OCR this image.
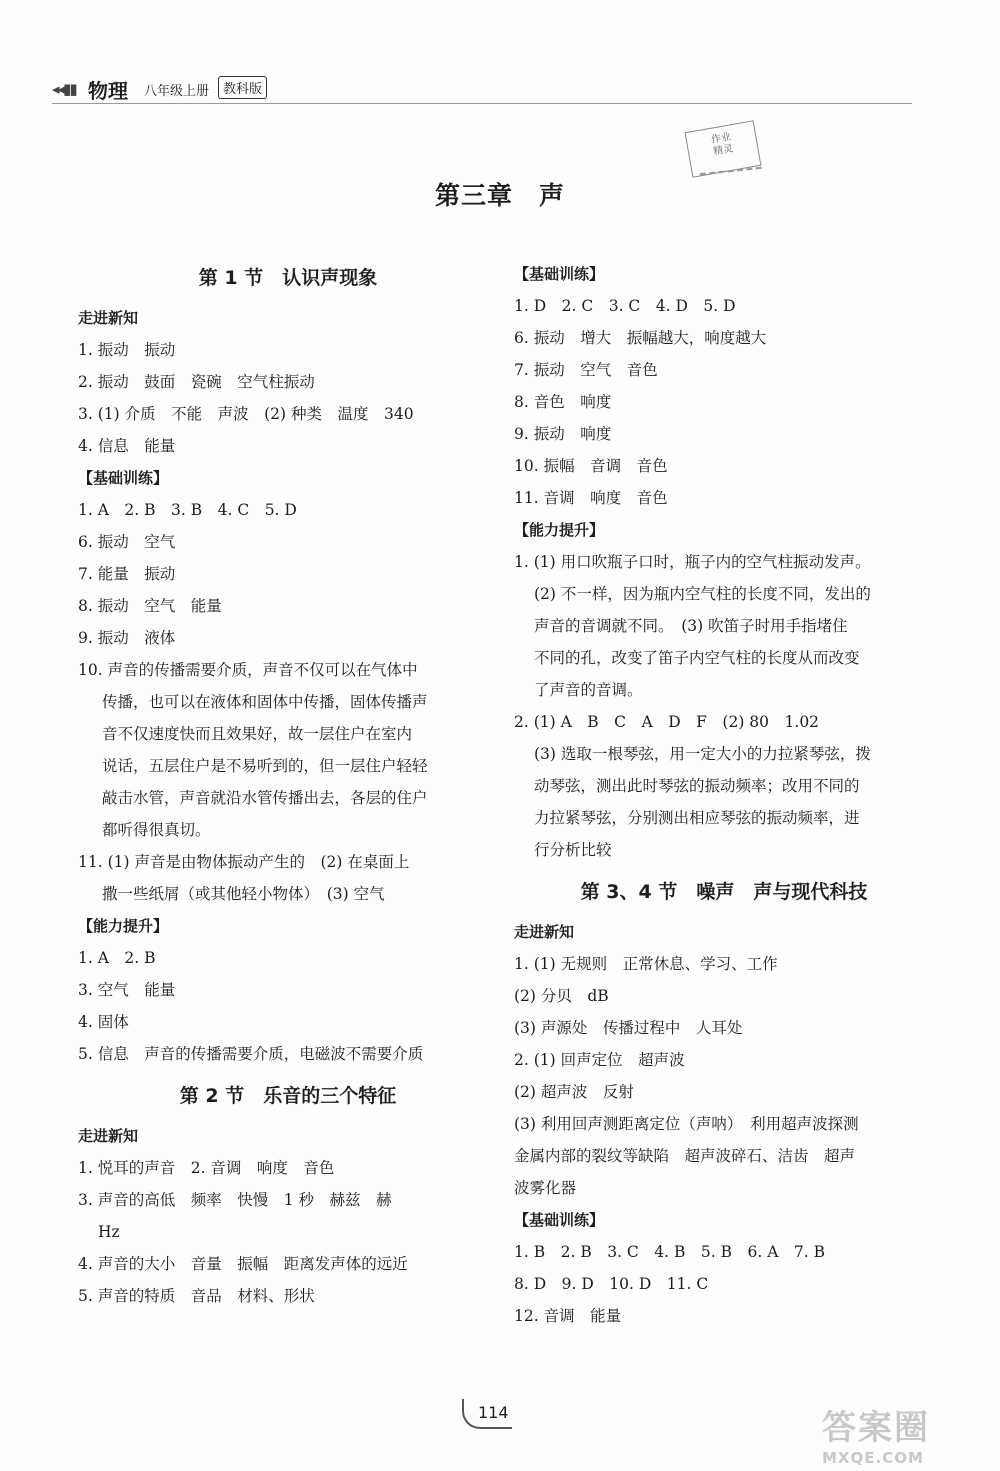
◂◂▮▮ 物理 八年级上册	教科版
作业
精灵
第三章　声
第 1 节　认识声现象
走进新知
1. 振动　振动
2. 振动　鼓面　瓷碗　空气柱振动
3. (1) 介质　不能　声波　(2) 种类　温度　340
4. 信息　能量
【基础训练】
1. A　2. B　3. B　4. C　5. D
6. 振动　空气
7. 能量　振动
8. 振动　空气　能量
9. 振动　液体
10. 声音的传播需要介质，声音不仅可以在气体中
传播，也可以在液体和固体中传播，固体传播声
音不仅速度快而且效果好，故一层住户在室内
说话，五层住户是不易听到的，但一层住户轻轻
敲击水管，声音就沿水管传播出去，各层的住户
都听得很真切。
11. (1) 声音是由物体振动产生的　(2) 在桌面上
撒一些纸屑（或其他轻小物体）　(3) 空气
【能力提升】
1. A　2. B
3. 空气　能量
4. 固体
5. 信息　声音的传播需要介质，电磁波不需要介质
第 2 节　乐音的三个特征
走进新知
1. 悦耳的声音　2. 音调　响度　音色
3. 声音的高低　频率　快慢　1 秒　赫兹　赫
Hz
4. 声音的大小　音量　振幅　距离发声体的远近
5. 声音的特质　音品　材料、形状
【基础训练】
1. D　2. C　3. C　4. D　5. D
6. 振动　增大　振幅越大，响度越大
7. 振动　空气　音色
8. 音色　响度
9. 振动　响度
10. 振幅　音调　音色
11. 音调　响度　音色
【能力提升】
1. (1) 用口吹瓶子口时，瓶子内的空气柱振动发声。
(2) 不一样，因为瓶内空气柱的长度不同，发出的
声音的音调就不同。　(3) 吹笛子时用手指堵住
不同的孔，改变了笛子内空气柱的长度从而改变
了声音的音调。
2. (1) A　B　C　A　D　F　(2) 80　1.02
(3) 选取一根琴弦，用一定大小的力拉紧琴弦，拨
动琴弦，测出此时琴弦的振动频率；改用不同的
力拉紧琴弦，分别测出相应琴弦的振动频率，进
行分析比较
第 3、4 节　噪声　声与现代科技
走进新知
1. (1) 无规则　正常休息、学习、工作
(2) 分贝　dB
(3) 声源处　传播过程中　人耳处
2. (1) 回声定位　超声波
(2) 超声波　反射
(3) 利用回声测距离定位（声呐）　利用超声波探测
金属内部的裂纹等缺陷　超声波碎石、洁齿　超声
波雾化器
【基础训练】
1. B　2. B　3. C　4. B　5. B　6. A　7. B
8. D　9. D　10. D　11. C
12. 音调　能量
114	答案圈
MXQE.COM
